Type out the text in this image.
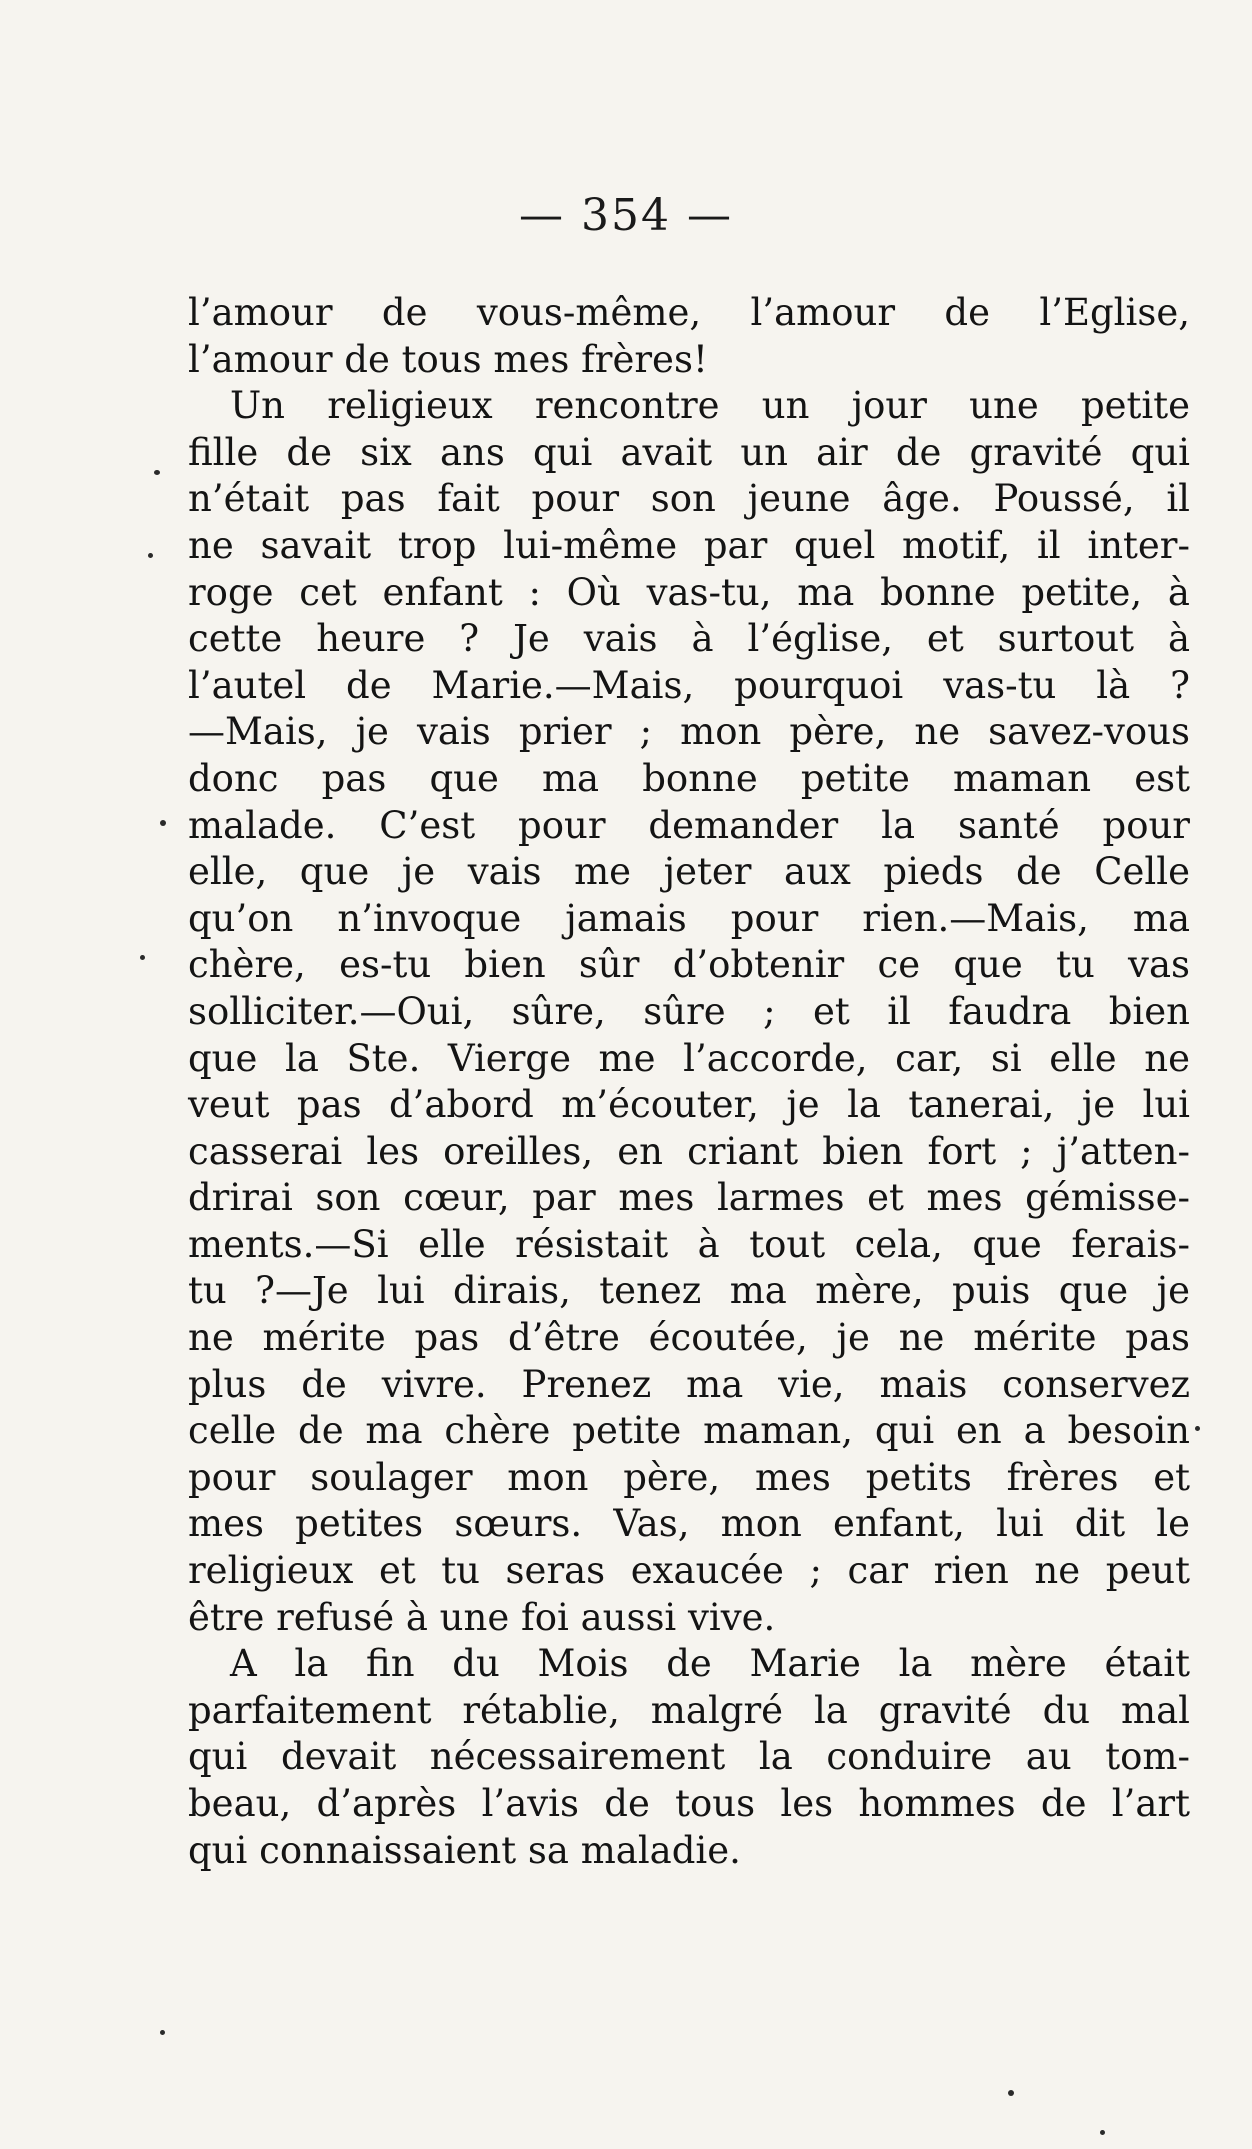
— 354 —
l’amour de vous-même, l’amour de l’Eglise,
l’amour de tous mes frères!
Un religieux rencontre un jour une petite
fille de six ans qui avait un air de gravité qui
n’était pas fait pour son jeune âge. Poussé, il
ne savait trop lui-même par quel motif, il inter-
roge cet enfant : Où vas-tu, ma bonne petite, à
cette heure ? Je vais à l’église, et surtout à
l’autel de Marie.—Mais, pourquoi vas-tu là ?
—Mais, je vais prier ; mon père, ne savez-vous
donc pas que ma bonne petite maman est
malade. C’est pour demander la santé pour
elle, que je vais me jeter aux pieds de Celle
qu’on n’invoque jamais pour rien.—Mais, ma
chère, es-tu bien sûr d’obtenir ce que tu vas
solliciter.—Oui, sûre, sûre ; et il faudra bien
que la Ste. Vierge me l’accorde, car, si elle ne
veut pas d’abord m’écouter, je la tanerai, je lui
casserai les oreilles, en criant bien fort ; j’atten-
drirai son cœur, par mes larmes et mes gémisse-
ments.—Si elle résistait à tout cela, que ferais-
tu ?—Je lui dirais, tenez ma mère, puis que je
ne mérite pas d’être écoutée, je ne mérite pas
plus de vivre. Prenez ma vie, mais conservez
celle de ma chère petite maman, qui en a besoin
pour soulager mon père, mes petits frères et
mes petites sœurs. Vas, mon enfant, lui dit le
religieux et tu seras exaucée ; car rien ne peut
être refusé à une foi aussi vive.
A la fin du Mois de Marie la mère était
parfaitement rétablie, malgré la gravité du mal
qui devait nécessairement la conduire au tom-
beau, d’après l’avis de tous les hommes de l’art
qui connaissaient sa maladie.
